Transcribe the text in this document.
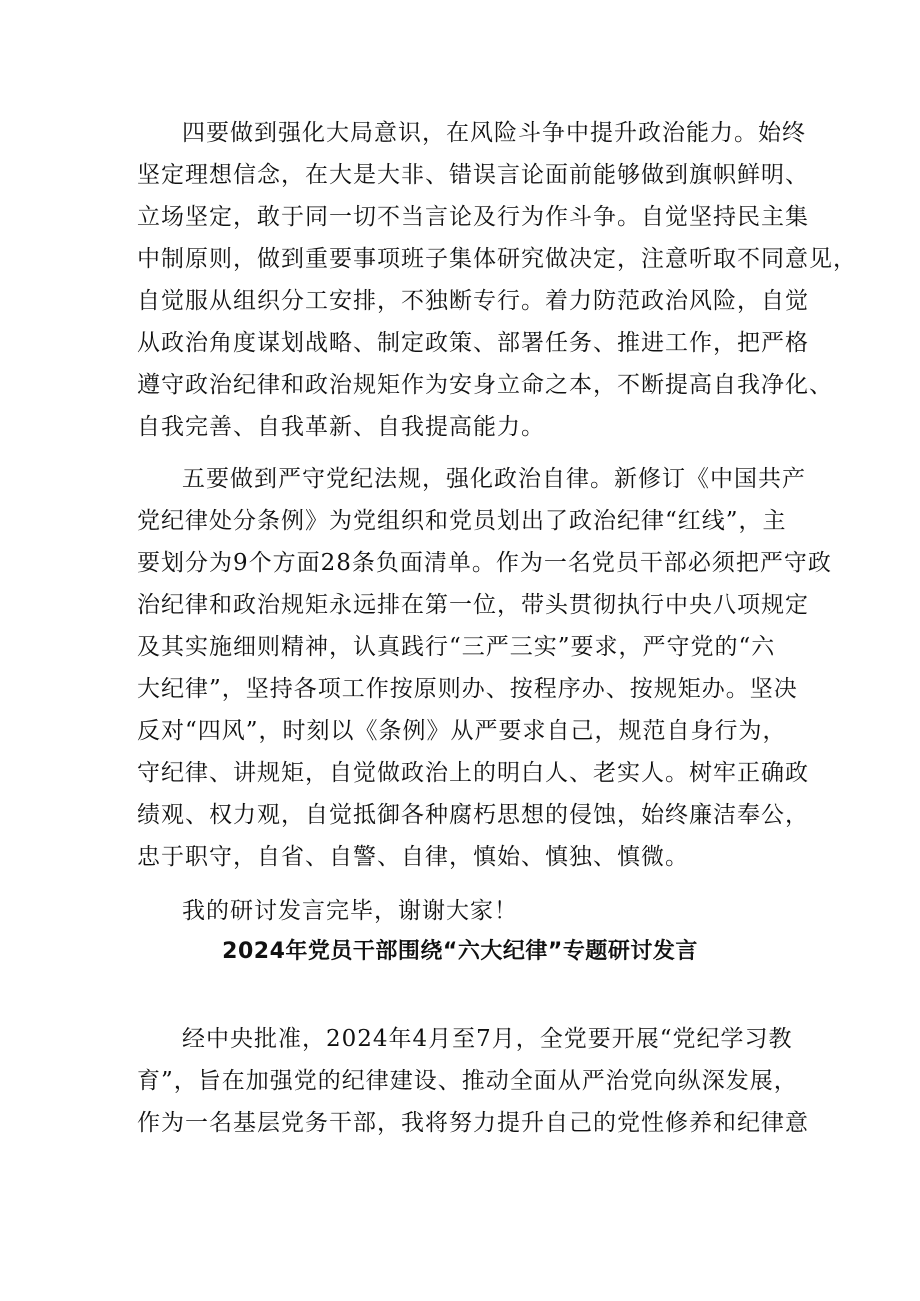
四要做到强化大局意识，在风险斗争中提升政治能力。始终
坚定理想信念，在大是大非、错误言论面前能够做到旗帜鲜明、
立场坚定，敢于同一切不当言论及行为作斗争。自觉坚持民主集
中制原则，做到重要事项班子集体研究做决定，注意听取不同意见，
自觉服从组织分工安排，不独断专行。着力防范政治风险，自觉
从政治角度谋划战略、制定政策、部署任务、推进工作，把严格
遵守政治纪律和政治规矩作为安身立命之本，不断提高自我净化、
自我完善、自我革新、自我提高能力。
五要做到严守党纪法规，强化政治自律。新修订《中国共产
党纪律处分条例》为党组织和党员划出了政治纪律“红线”，主
要划分为9个方面28条负面清单。作为一名党员干部必须把严守政
治纪律和政治规矩永远排在第一位，带头贯彻执行中央八项规定
及其实施细则精神，认真践行“三严三实”要求，严守党的“六
大纪律”，坚持各项工作按原则办、按程序办、按规矩办。坚决
反对“四风”，时刻以《条例》从严要求自己，规范自身行为，
守纪律、讲规矩，自觉做政治上的明白人、老实人。树牢正确政
绩观、权力观，自觉抵御各种腐朽思想的侵蚀，始终廉洁奉公，
忠于职守，自省、自警、自律，慎始、慎独、慎微。
我的研讨发言完毕，谢谢大家！
2024年党员干部围绕“六大纪律”专题研讨发言
经中央批准，2024年4月至7月，全党要开展“党纪学习教
育”，旨在加强党的纪律建设、推动全面从严治党向纵深发展，
作为一名基层党务干部，我将努力提升自己的党性修养和纪律意
